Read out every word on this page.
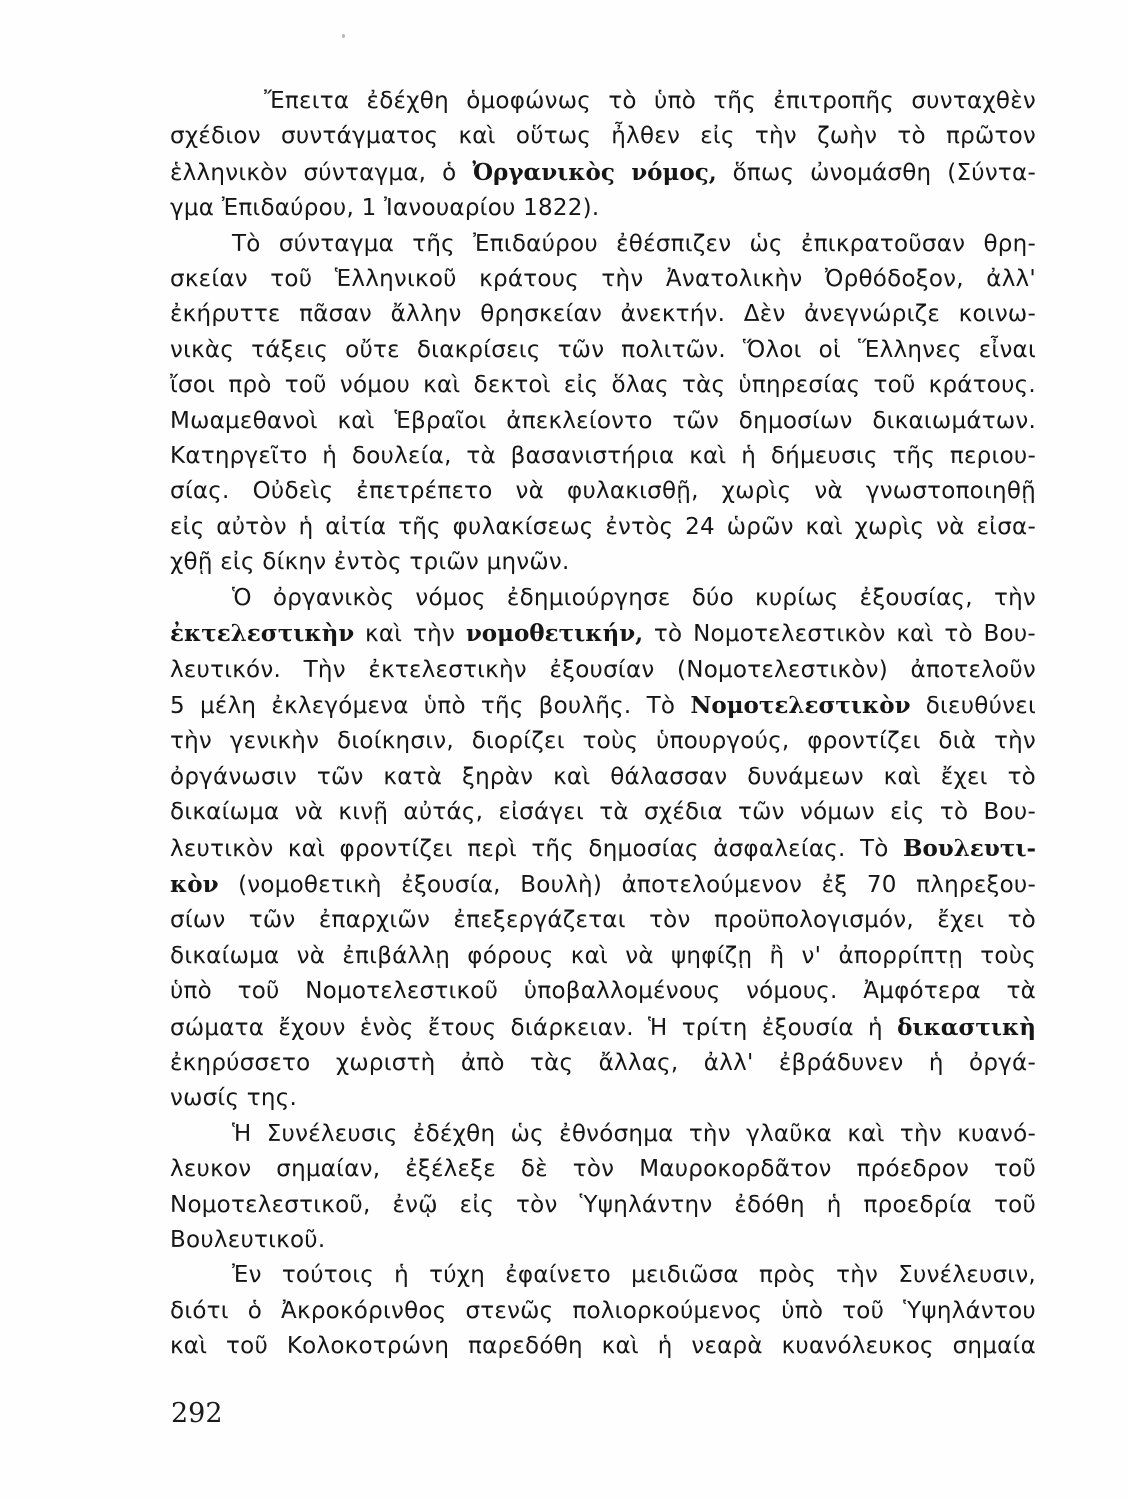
Ἔπειτα ἐδέχθη ὁμοφώνως τὸ ὑπὸ τῆς ἐπιτροπῆς συνταχθὲν
σχέδιον συντάγματος καὶ οὕτως ἦλθεν εἰς τὴν ζωὴν τὸ πρῶτον
ἑλληνικὸν σύνταγμα, ὁ Ὀργανικὸς νόμος, ὅπως ὠνομάσθη (Σύντα-
γμα Ἐπιδαύρου, 1 Ἰανουαρίου 1822).

Τὸ σύνταγμα τῆς Ἐπιδαύρου ἐθέσπιζεν ὡς ἐπικρατοῦσαν θρη-
σκείαν τοῦ Ἑλληνικοῦ κράτους τὴν Ἀνατολικὴν Ὀρθόδοξον, ἀλλ'
ἐκήρυττε πᾶσαν ἄλλην θρησκείαν ἀνεκτήν. Δὲν ἀνεγνώριζε κοινω-
νικὰς τάξεις οὔτε διακρίσεις τῶν πολιτῶν. Ὅλοι οἱ Ἕλληνες εἶναι
ἴσοι πρὸ τοῦ νόμου καὶ δεκτοὶ εἰς ὅλας τὰς ὑπηρεσίας τοῦ κράτους.
Μωαμεθανοὶ καὶ Ἑβραῖοι ἀπεκλείοντο τῶν δημοσίων δικαιωμάτων.
Κατηργεῖτο ἡ δουλεία, τὰ βασανιστήρια καὶ ἡ δήμευσις τῆς περιου-
σίας. Οὐδεὶς ἐπετρέπετο νὰ φυλακισθῇ, χωρὶς νὰ γνωστοποιηθῇ
εἰς αὐτὸν ἡ αἰτία τῆς φυλακίσεως ἐντὸς 24 ὡρῶν καὶ χωρὶς νὰ εἰσα-
χθῇ εἰς δίκην ἐντὸς τριῶν μηνῶν.

Ὁ ὀργανικὸς νόμος ἐδημιούργησε δύο κυρίως ἐξουσίας, τὴν
ἐκτελεστικὴν καὶ τὴν νομοθετικήν, τὸ Νομοτελεστικὸν καὶ τὸ Βου-
λευτικόν. Τὴν ἐκτελεστικὴν ἐξουσίαν (Νομοτελεστικὸν) ἀποτελοῦν
5 μέλη ἐκλεγόμενα ὑπὸ τῆς βουλῆς. Τὸ Νομοτελεστικὸν διευθύνει
τὴν γενικὴν διοίκησιν, διορίζει τοὺς ὑπουργούς, φροντίζει διὰ τὴν
ὀργάνωσιν τῶν κατὰ ξηρὰν καὶ θάλασσαν δυνάμεων καὶ ἔχει τὸ
δικαίωμα νὰ κινῇ αὐτάς, εἰσάγει τὰ σχέδια τῶν νόμων εἰς τὸ Βου-
λευτικὸν καὶ φροντίζει περὶ τῆς δημοσίας ἀσφαλείας. Τὸ Βουλευτι-
κὸν (νομοθετικὴ ἐξουσία, Βουλὴ) ἀποτελούμενον ἐξ 70 πληρεξου-
σίων τῶν ἐπαρχιῶν ἐπεξεργάζεται τὸν προϋπολογισμόν, ἔχει τὸ
δικαίωμα νὰ ἐπιβάλλῃ φόρους καὶ νὰ ψηφίζῃ ἢ ν' ἀπορρίπτῃ τοὺς
ὑπὸ τοῦ Νομοτελεστικοῦ ὑποβαλλομένους νόμους. Ἀμφότερα τὰ
σώματα ἔχουν ἑνὸς ἔτους διάρκειαν. Ἡ τρίτη ἐξουσία ἡ δικαστικὴ
ἐκηρύσσετο χωριστὴ ἀπὸ τὰς ἄλλας, ἀλλ' ἐβράδυνεν ἡ ὀργά-
νωσίς της.

Ἡ Συνέλευσις ἐδέχθη ὡς ἐθνόσημα τὴν γλαῦκα καὶ τὴν κυανό-
λευκον σημαίαν, ἐξέλεξε δὲ τὸν Μαυροκορδᾶτον πρόεδρον τοῦ
Νομοτελεστικοῦ, ἐνῷ εἰς τὸν Ὑψηλάντην ἐδόθη ἡ προεδρία τοῦ
Βουλευτικοῦ.

Ἐν τούτοις ἡ τύχη ἐφαίνετο μειδιῶσα πρὸς τὴν Συνέλευσιν,
διότι ὁ Ἀκροκόρινθος στενῶς πολιορκούμενος ὑπὸ τοῦ Ὑψηλάντου
καὶ τοῦ Κολοκοτρώνη παρεδόθη καὶ ἡ νεαρὰ κυανόλευκος σημαία

292
